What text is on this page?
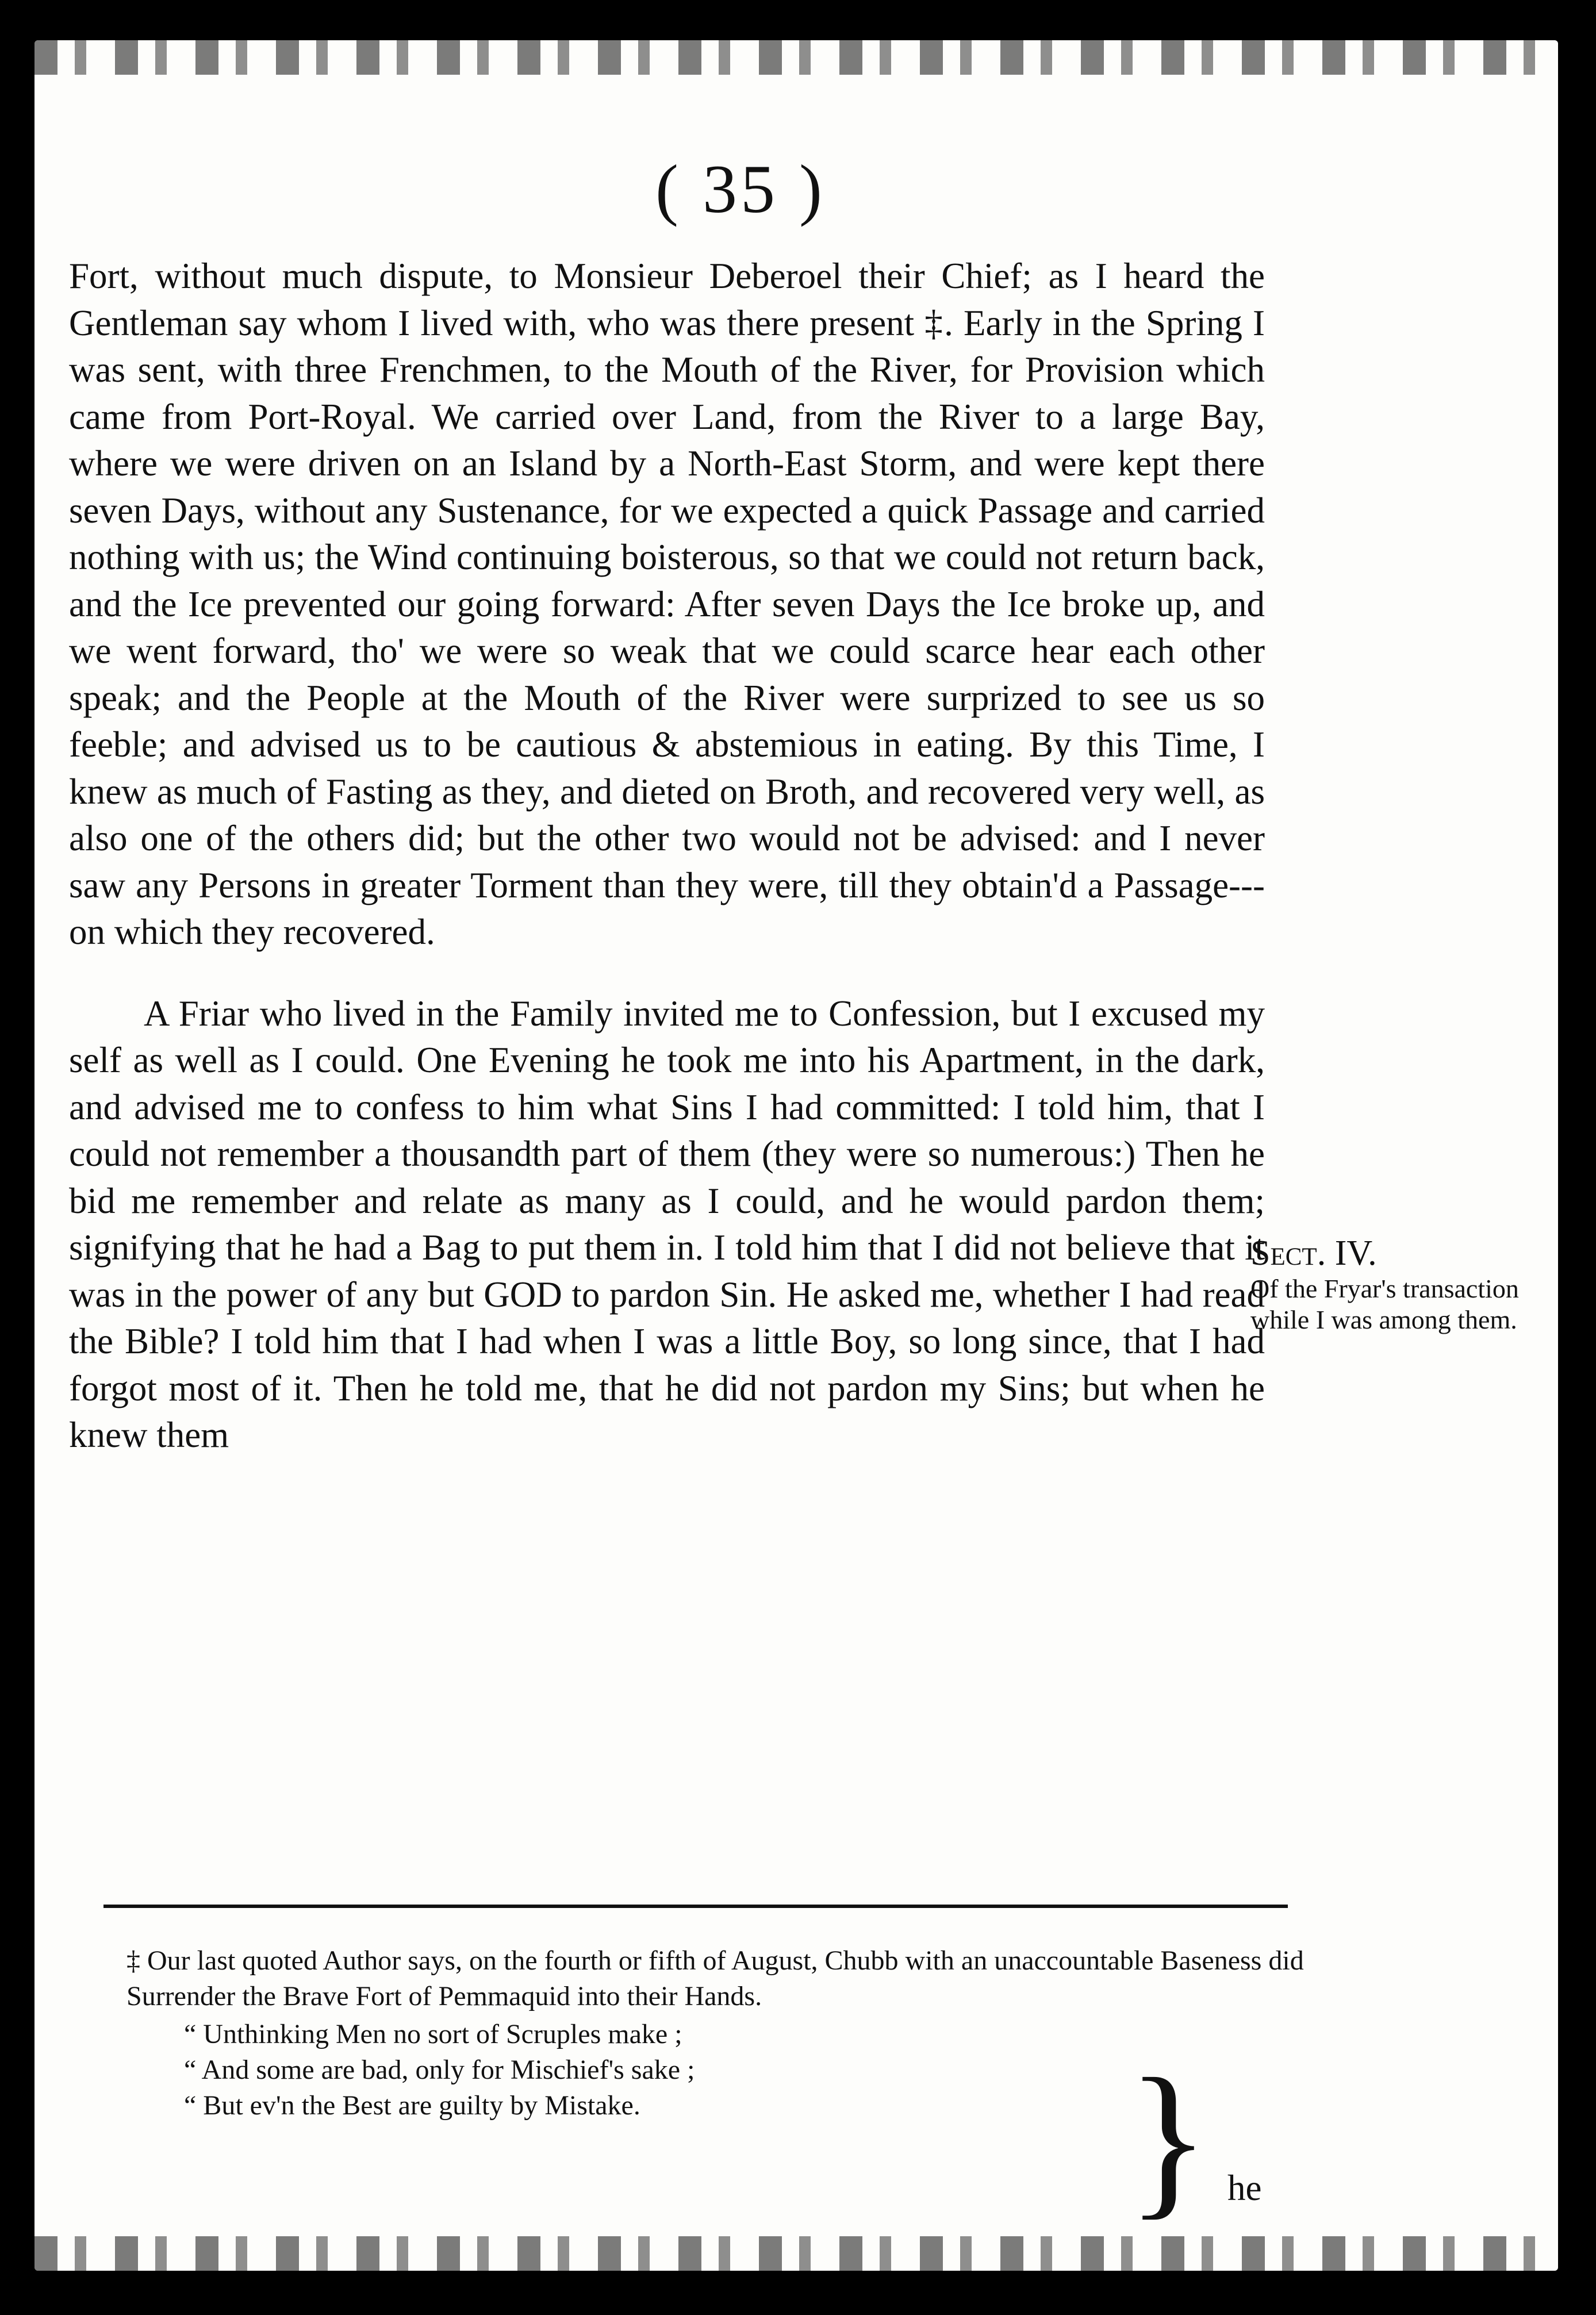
( 35 )

Fort, without much dispute, to Monsieur Deberoel their Chief; as I heard the Gentleman say whom I lived with, who was there present ‡. Early in the Spring I was sent, with three Frenchmen, to the Mouth of the River, for Provision which came from Port-Royal. We carried over Land, from the River to a large Bay, where we were driven on an Island by a North-East Storm, and were kept there seven Days, without any Sustenance, for we expected a quick Passage and carried nothing with us; the Wind continuing boisterous, so that we could not return back, and the Ice prevented our going forward: After seven Days the Ice broke up, and we went forward, tho' we were so weak that we could scarce hear each other speak; and the People at the Mouth of the River were surprized to see us so feeble; and advised us to be cautious & abstemious in eating. By this Time, I knew as much of Fasting as they, and dieted on Broth, and recovered very well, as also one of the others did; but the other two would not be advised: and I never saw any Persons in greater Torment than they were, till they obtain'd a Passage---on which they recovered.

A Friar who lived in the Family invited me to Confession, but I excused my self as well as I could. One Evening he took me into his Apartment, in the dark, and advised me to confess to him what Sins I had committed: I told him, that I could not remember a thousandth part of them (they were so numerous:) Then he bid me remember and relate as many as I could, and he would pardon them; signifying that he had a Bag to put them in. I told him that I did not believe that it was in the power of any but GOD to pardon Sin. He asked me, whether I had read the Bible? I told him that I had when I was a little Boy, so long since, that I had forgot most of it. Then he told me, that he did not pardon my Sins; but when he knew them

Sect. IV.
Of the Fryar's transaction while I was among them.

‡ Our last quoted Author says, on the fourth or fifth of August, Chubb with an unaccountable Baseness did Surrender the Brave Fort of Pemmaquid into their Hands.

“ Unthinking Men no sort of Scruples make ;

“ And some are bad, only for Mischief's sake ;

“ But ev'n the Best are guilty by Mistake.	} he
